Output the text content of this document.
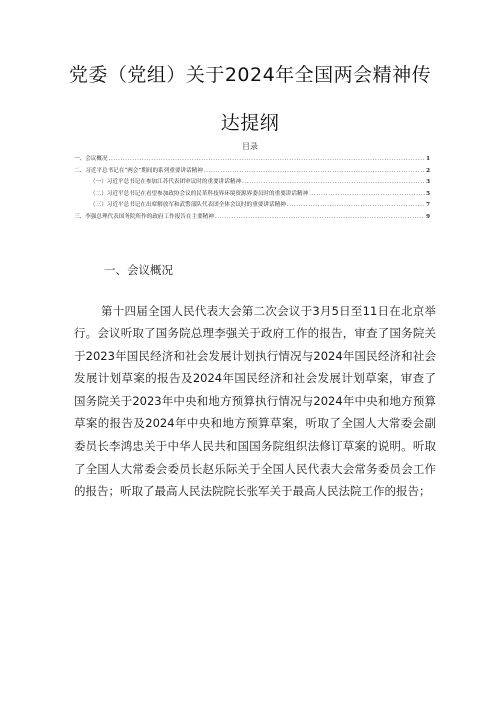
党委（党组）关于2024年全国两会精神传
达提纲
目录
一、会议概况 .....	1
二、习近平总书记在“两会”期间的系列重要讲话精神 .....	2
（一）习近平总书记在参加江苏代表团审议时的重要讲话精神 .....	3
（二）习近平总书记在看望参加政协会议的民革科技界环境资源界委员时的重要讲话精神 .....	5
（三）习近平总书记在出席解放军和武警部队代表团全体会议时的重要讲话精神 .....	7
三、李强总理代表国务院所作的政府工作报告在主要精神 .....	9
一、会议概况

第十四届全国人民代表大会第二次会议于3月5日至11日在北京举行。会议听取了国务院总理李强关于政府工作的报告，审查了国务院关于2023年国民经济和社会发展计划执行情况与2024年国民经济和社会发展计划草案的报告及2024年国民经济和社会发展计划草案，审查了国务院关于2023年中央和地方预算执行情况与2024年中央和地方预算草案的报告及2024年中央和地方预算草案，听取了全国人大常委会副委员长李鸿忠关于中华人民共和国国务院组织法修订草案的说明。听取了全国人大常委会委员长赵乐际关于全国人民代表大会常务委员会工作的报告；听取了最高人民法院院长张军关于最高人民法院工作的报告；
